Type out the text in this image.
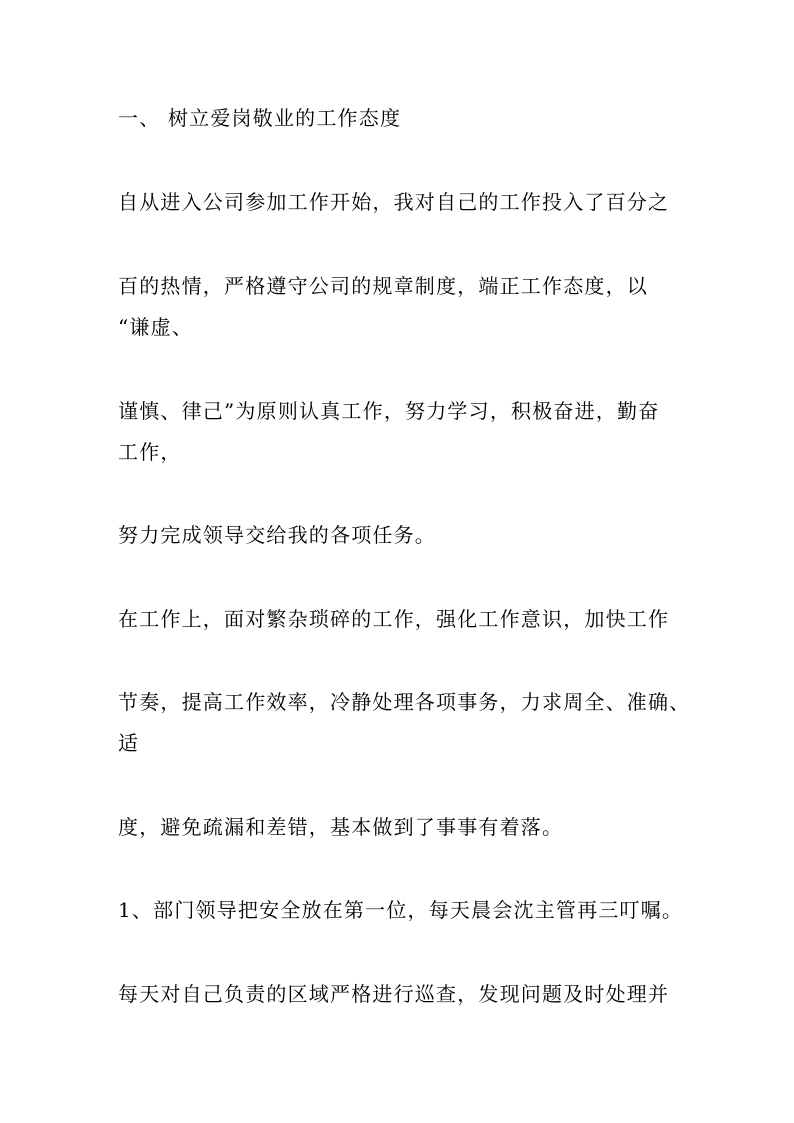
一、 树立爱岗敬业的工作态度

自从进入公司参加工作开始，我对自己的工作投入了百分之

百的热情，严格遵守公司的规章制度，端正工作态度，以

“谦虚、

谨慎、律己”为原则认真工作，努力学习，积极奋进，勤奋

工作，

努力完成领导交给我的各项任务。

在工作上，面对繁杂琐碎的工作，强化工作意识，加快工作

节奏，提高工作效率，冷静处理各项事务，力求周全、准确、

适

度，避免疏漏和差错，基本做到了事事有着落。

1、部门领导把安全放在第一位，每天晨会沈主管再三叮嘱。

每天对自己负责的区域严格进行巡查，发现问题及时处理并
